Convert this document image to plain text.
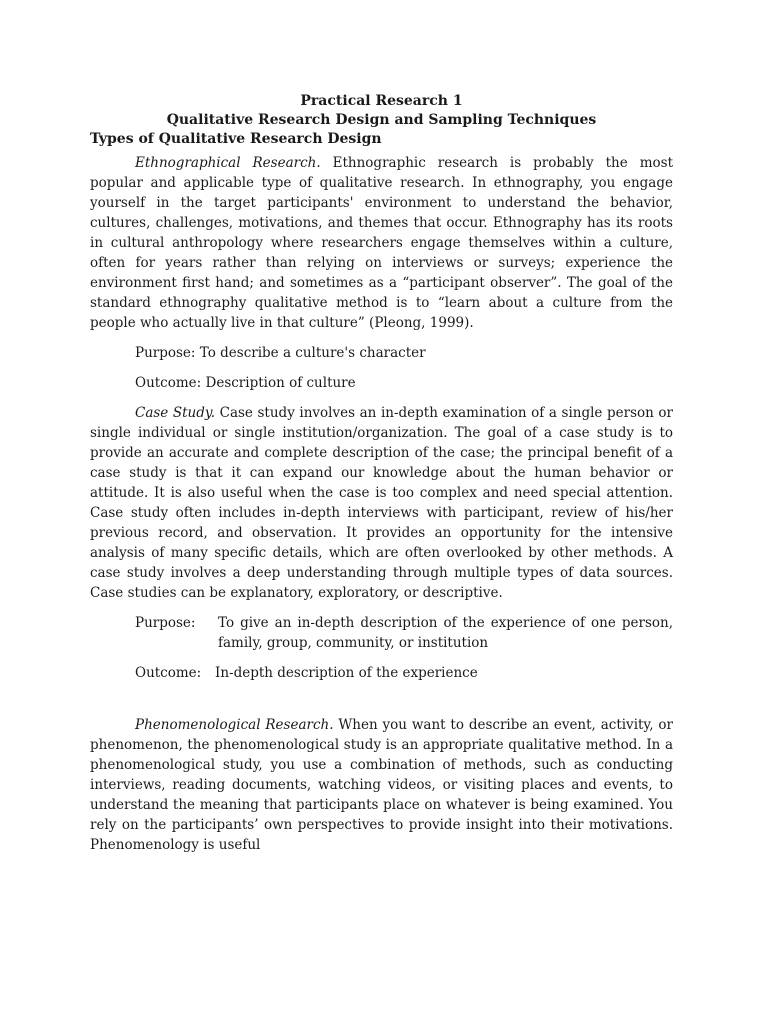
Practical Research 1

Qualitative Research Design and Sampling Techniques

Types of Qualitative Research Design

Ethnographical Research. Ethnographic research is probably the most popular and applicable type of qualitative research. In ethnography, you engage yourself in the target participants' environment to understand the behavior, cultures, challenges, motivations, and themes that occur. Ethnography has its roots in cultural anthropology where researchers engage themselves within a culture, often for years rather than relying on interviews or surveys; experience the environment first hand; and sometimes as a “participant observer”. The goal of the standard ethnography qualitative method is to “learn about a culture from the people who actually live in that culture” (Pleong, 1999).

Purpose: To describe a culture's character

Outcome: Description of culture

Case Study. Case study involves an in-depth examination of a single person or single individual or single institution/organization. The goal of a case study is to provide an accurate and complete description of the case; the principal benefit of a case study is that it can expand our knowledge about the human behavior or attitude. It is also useful when the case is too complex and need special attention. Case study often includes in-depth interviews with participant, review of his/her previous record, and observation. It provides an opportunity for the intensive analysis of many specific details, which are often overlooked by other methods. A case study involves a deep understanding through multiple types of data sources. Case studies can be explanatory, exploratory, or descriptive.

Purpose:	To give an in-depth description of the experience of one person, family, group, community, or institution
Outcome:	In-depth description of the experience

Phenomenological Research. When you want to describe an event, activity, or phenomenon, the phenomenological study is an appropriate qualitative method. In a phenomenological study, you use a combination of methods, such as conducting interviews, reading documents, watching videos, or visiting places and events, to understand the meaning that participants place on whatever is being examined. You rely on the participants’ own perspectives to provide insight into their motivations. Phenomenology is useful
